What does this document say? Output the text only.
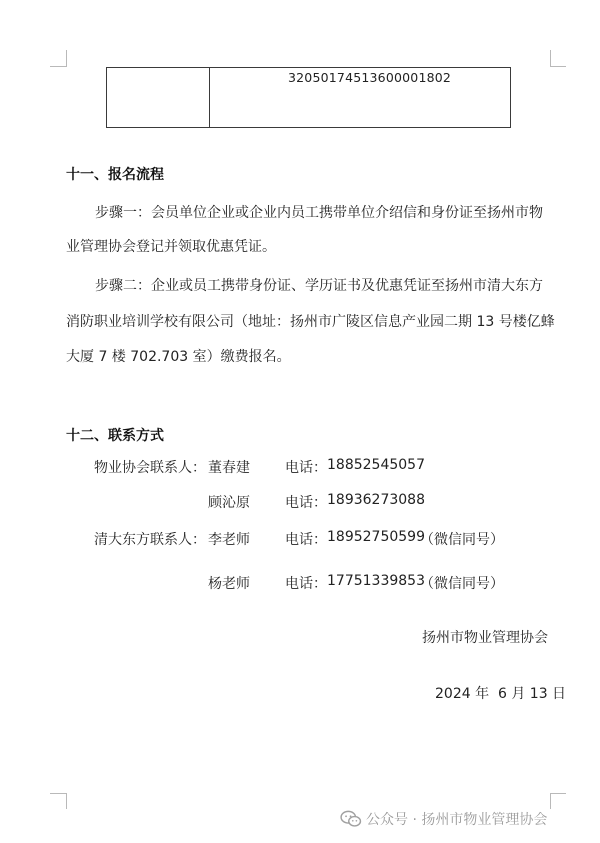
32050174513600001802
十一、报名流程
步骤一：会员单位企业或企业内员工携带单位介绍信和身份证至扬州市物
业管理协会登记并领取优惠凭证。
步骤二：企业或员工携带身份证、学历证书及优惠凭证至扬州市清大东方
消防职业培训学校有限公司（地址：扬州市广陵区信息产业园二期 13 号楼亿蜂
大厦 7 楼 702.703 室）缴费报名。
十二、联系方式
物业协会联系人： 董春建	电话： 18852545057
顾沁原	电话： 18936273088
清大东方联系人： 李老师	电话： 18952750599
（微信同号）
杨老师	电话： 17751339853
（微信同号）
扬州市物业管理协会
2024 年  6 月 13 日
公众号 · 扬州市物业管理协会
